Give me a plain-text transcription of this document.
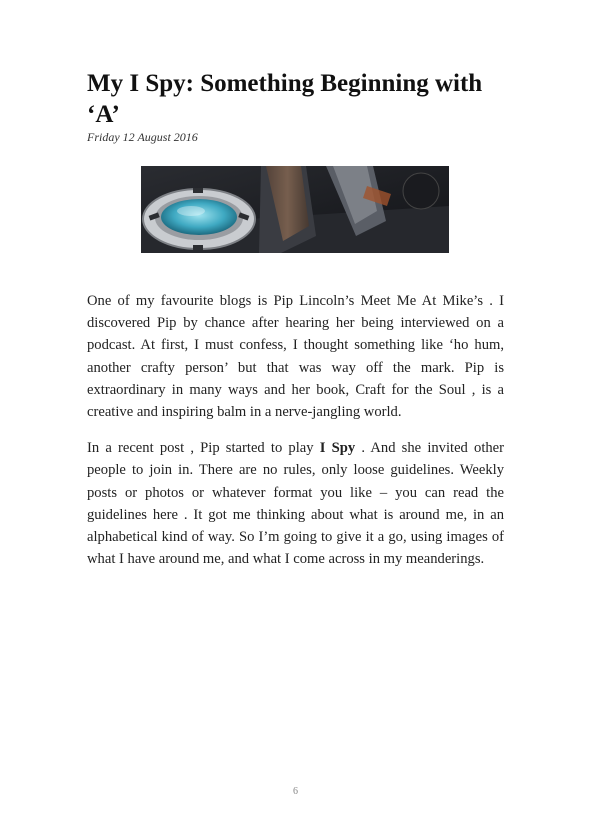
My I Spy: Something Beginning with ‘A’
Friday 12 August 2016

One of my favourite blogs is Pip Lincoln’s Meet Me At Mike’s . I discovered Pip by chance after hearing her being interviewed on a podcast. At first, I must confess, I thought something like ‘ho hum, another crafty person’ but that was way off the mark. Pip is extraordinary in many ways and her book, Craft for the Soul , is a creative and inspiring balm in a nerve-jangling world.

In a recent post , Pip started to play I Spy . And she invited other people to join in. There are no rules, only loose guidelines. Weekly posts or photos or whatever format you like – you can read the guidelines here . It got me thinking about what is around me, in an alphabetical kind of way. So I’m going to give it a go, using images of what I have around me, and what I come across in my meanderings.

6
